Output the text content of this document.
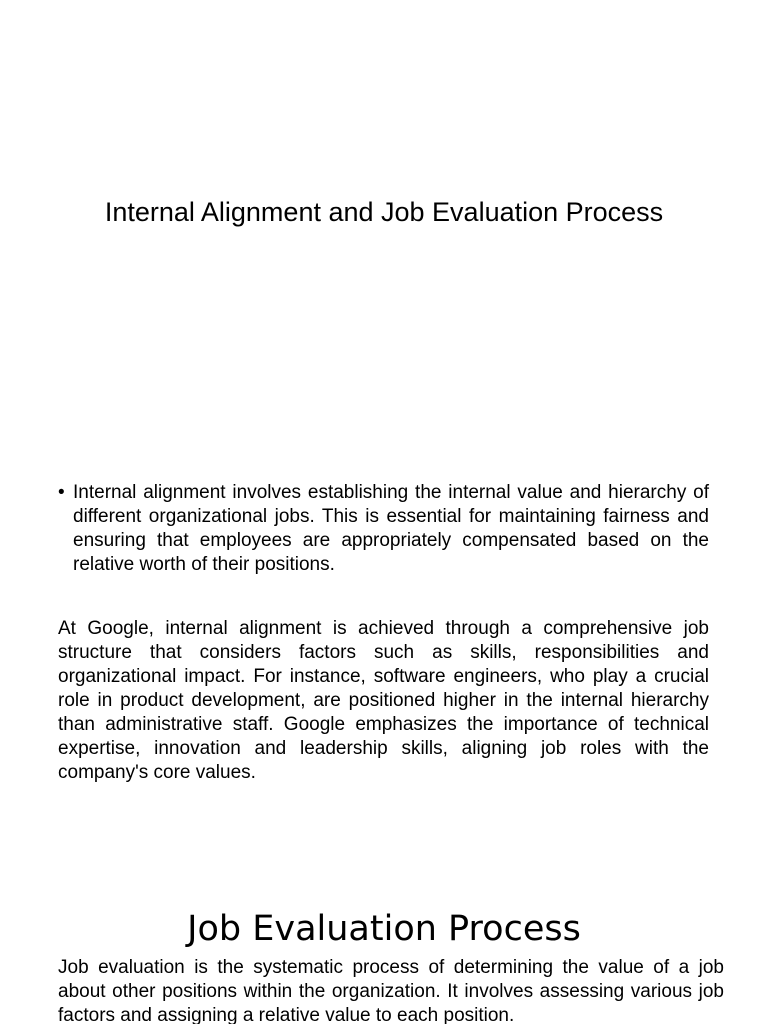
Internal Alignment and Job Evaluation Process
• Internal alignment involves establishing the internal value and hierarchy of different organizational jobs. This is essential for maintaining fairness and ensuring that employees are appropriately compensated based on the relative worth of their positions.
At Google, internal alignment is achieved through a comprehensive job structure that considers factors such as skills, responsibilities and organizational impact. For instance, software engineers, who play a crucial role in product development, are positioned higher in the internal hierarchy than administrative staff. Google emphasizes the importance of technical expertise, innovation and leadership skills, aligning job roles with the company's core values.
Job Evaluation Process
Job evaluation is the systematic process of determining the value of a job about other positions within the organization. It involves assessing various job factors and assigning a relative value to each position.
